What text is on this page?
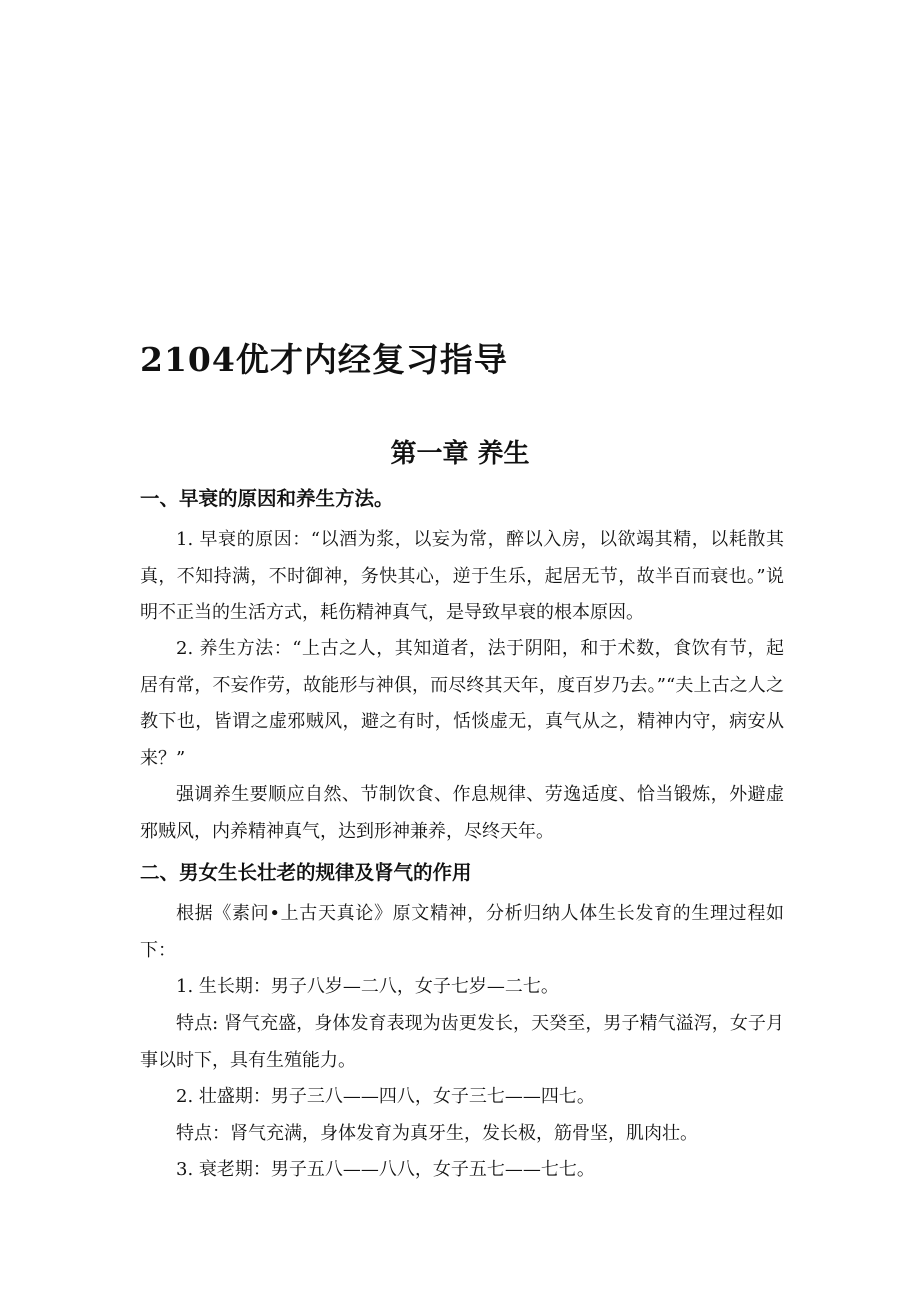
2104优才内经复习指导
第一章 养生
一、早衰的原因和养生方法。

1. 早衰的原因：“以酒为浆，以妄为常，醉以入房，以欲竭其精，以耗散其真，不知持满，不时御神，务快其心，逆于生乐，起居无节，故半百而衰也。”说明不正当的生活方式，耗伤精神真气，是导致早衰的根本原因。

2. 养生方法：“上古之人，其知道者，法于阴阳，和于术数，食饮有节，起居有常，不妄作劳，故能形与神俱，而尽终其天年，度百岁乃去。”“夫上古之人之教下也，皆谓之虚邪贼风，避之有时，恬惔虚无，真气从之，精神内守，病安从来？”

强调养生要顺应自然、节制饮食、作息规律、劳逸适度、恰当锻炼，外避虚邪贼风，内养精神真气，达到形神兼养，尽终天年。

二、男女生长壮老的规律及肾气的作用

根据《素问•上古天真论》原文精神，分析归纳人体生长发育的生理过程如下：

1. 生长期：男子八岁—二八，女子七岁—二七。

特点: 肾气充盛，身体发育表现为齿更发长，天癸至，男子精气溢泻，女子月事以时下，具有生殖能力。

2. 壮盛期：男子三八——四八，女子三七——四七。

特点：肾气充满，身体发育为真牙生，发长极，筋骨坚，肌肉壮。

3. 衰老期：男子五八——八八，女子五七——七七。
